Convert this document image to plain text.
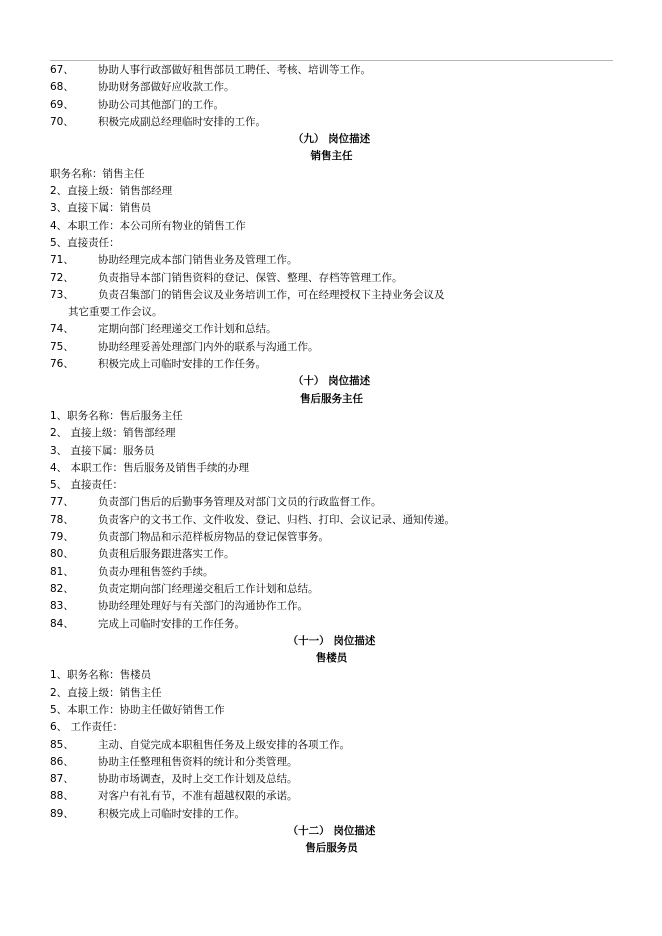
67、 协助人事行政部做好租售部员工聘任、考核、培训等工作。
68、 协助财务部做好应收款工作。
69、 协助公司其他部门的工作。
70、 积极完成副总经理临时安排的工作。
（九） 岗位描述
销售主任
职务名称：销售主任
2、直接上级：销售部经理
3、直接下属：销售员
4、本职工作：本公司所有物业的销售工作
5、直接责任：
71、 协助经理完成本部门销售业务及管理工作。
72、 负责指导本部门销售资料的登记、保管、整理、存档等管理工作。
73、 负责召集部门的销售会议及业务培训工作，可在经理授权下主持业务会议及
其它重要工作会议。
74、 定期向部门经理递交工作计划和总结。
75、 协助经理妥善处理部门内外的联系与沟通工作。
76、 积极完成上司临时安排的工作任务。
（十） 岗位描述
售后服务主任
1、职务名称：售后服务主任
2、 直接上级：销售部经理
3、 直接下属：服务员
4、 本职工作：售后服务及销售手续的办理
5、 直接责任：
77、 负责部门售后的后勤事务管理及对部门文员的行政监督工作。
78、 负责客户的文书工作、文件收发、登记、归档、打印、会议记录、通知传递。
79、 负责部门物品和示范样板房物品的登记保管事务。
80、 负责租后服务跟进落实工作。
81、 负责办理租售签约手续。
82、 负责定期向部门经理递交租后工作计划和总结。
83、 协助经理处理好与有关部门的沟通协作工作。
84、 完成上司临时安排的工作任务。
（十一） 岗位描述
售楼员
1、职务名称：售楼员
2、直接上级：销售主任
5、本职工作：协助主任做好销售工作
6、 工作责任：
85、 主动、自觉完成本职租售任务及上级安排的各项工作。
86、 协助主任整理租售资料的统计和分类管理。
87、 协助市场调查，及时上交工作计划及总结。
88、 对客户有礼有节，不准有超越权限的承诺。
89、 积极完成上司临时安排的工作。
（十二） 岗位描述
售后服务员
